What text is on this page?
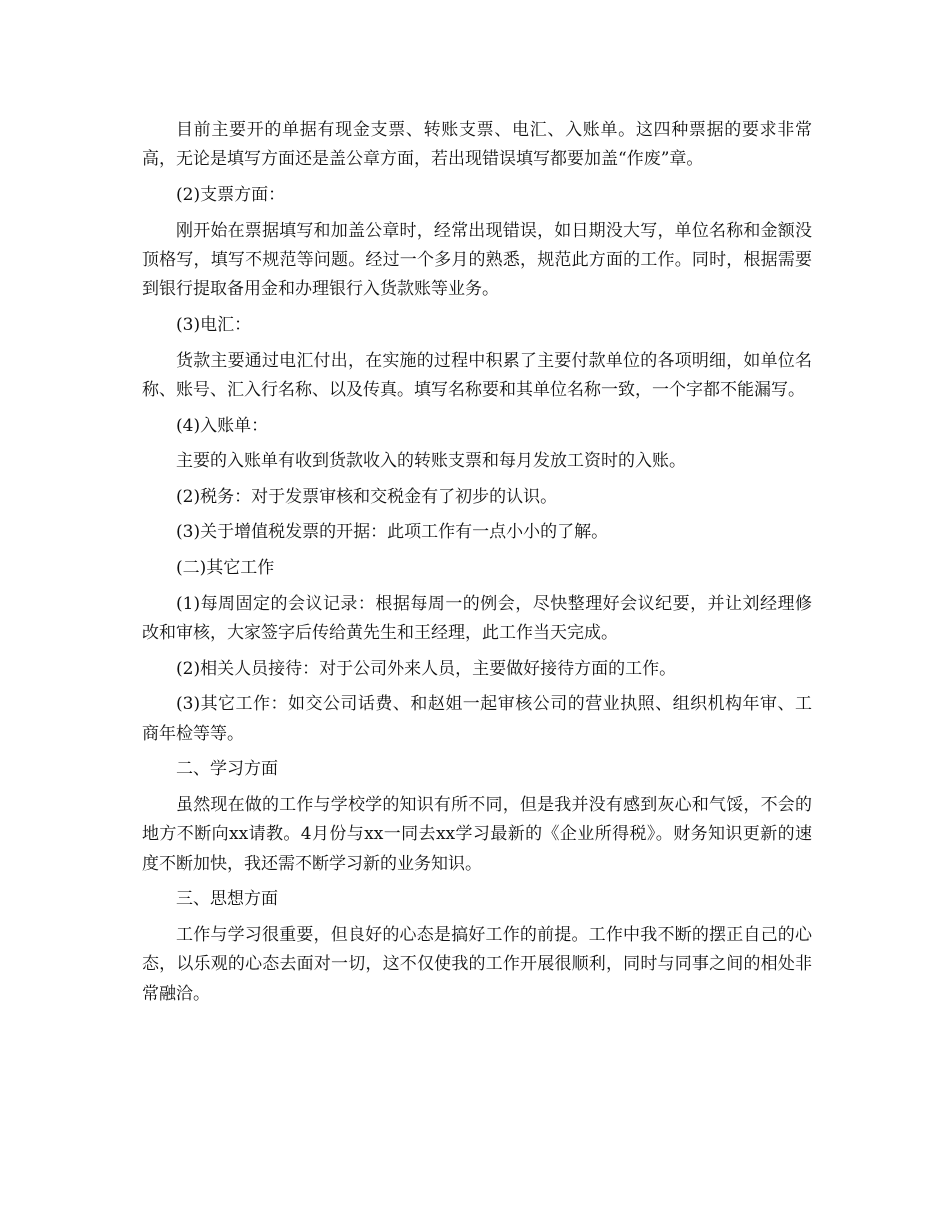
目前主要开的单据有现金支票、转账支票、电汇、入账单。这四种票据的要求非常高，无论是填写方面还是盖公章方面，若出现错误填写都要加盖“作废”章。

(2)支票方面：

刚开始在票据填写和加盖公章时，经常出现错误，如日期没大写，单位名称和金额没顶格写，填写不规范等问题。经过一个多月的熟悉，规范此方面的工作。同时，根据需要到银行提取备用金和办理银行入货款账等业务。

(3)电汇：

货款主要通过电汇付出，在实施的过程中积累了主要付款单位的各项明细，如单位名称、账号、汇入行名称、以及传真。填写名称要和其单位名称一致，一个字都不能漏写。

(4)入账单：

主要的入账单有收到货款收入的转账支票和每月发放工资时的入账。

(2)税务：对于发票审核和交税金有了初步的认识。

(3)关于增值税发票的开据：此项工作有一点小小的了解。

(二)其它工作

(1)每周固定的会议记录：根据每周一的例会，尽快整理好会议纪要，并让刘经理修改和审核，大家签字后传给黄先生和王经理，此工作当天完成。

(2)相关人员接待：对于公司外来人员，主要做好接待方面的工作。

(3)其它工作：如交公司话费、和赵姐一起审核公司的营业执照、组织机构年审、工商年检等等。

二、学习方面

虽然现在做的工作与学校学的知识有所不同，但是我并没有感到灰心和气馁，不会的地方不断向xx请教。4月份与xx一同去xx学习最新的《企业所得税》。财务知识更新的速度不断加快，我还需不断学习新的业务知识。

三、思想方面

工作与学习很重要，但良好的心态是搞好工作的前提。工作中我不断的摆正自己的心态，以乐观的心态去面对一切，这不仅使我的工作开展很顺利，同时与同事之间的相处非常融洽。
